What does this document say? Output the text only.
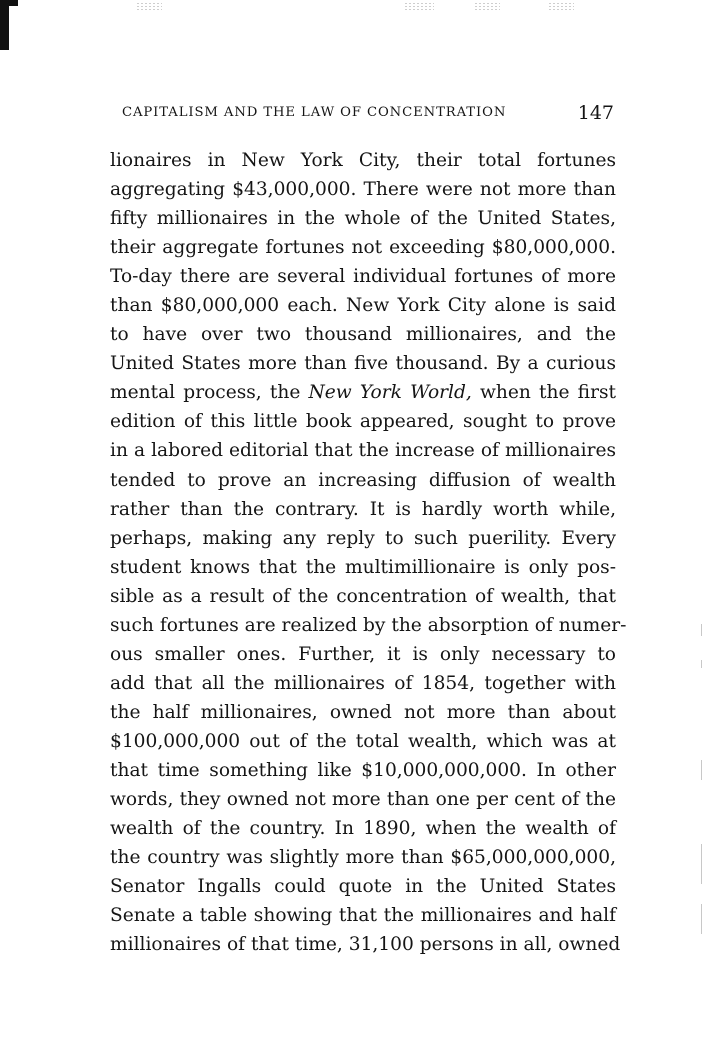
CAPITALISM AND THE LAW OF CONCENTRATION	147
lionaires in New York City, their total fortunes
aggregating $43,000,000. There were not more than
fifty millionaires in the whole of the United States,
their aggregate fortunes not exceeding $80,000,000.
To-day there are several individual fortunes of more
than $80,000,000 each. New York City alone is said
to have over two thousand millionaires, and the
United States more than five thousand. By a curious
mental process, the New York World, when the first
edition of this little book appeared, sought to prove
in a labored editorial that the increase of millionaires
tended to prove an increasing diffusion of wealth
rather than the contrary. It is hardly worth while,
perhaps, making any reply to such puerility. Every
student knows that the multimillionaire is only pos-
sible as a result of the concentration of wealth, that
such fortunes are realized by the absorption of numer-
ous smaller ones. Further, it is only necessary to
add that all the millionaires of 1854, together with
the half millionaires, owned not more than about
$100,000,000 out of the total wealth, which was at
that time something like $10,000,000,000. In other
words, they owned not more than one per cent of the
wealth of the country. In 1890, when the wealth of
the country was slightly more than $65,000,000,000,
Senator Ingalls could quote in the United States
Senate a table showing that the millionaires and half
millionaires of that time, 31,100 persons in all, owned
